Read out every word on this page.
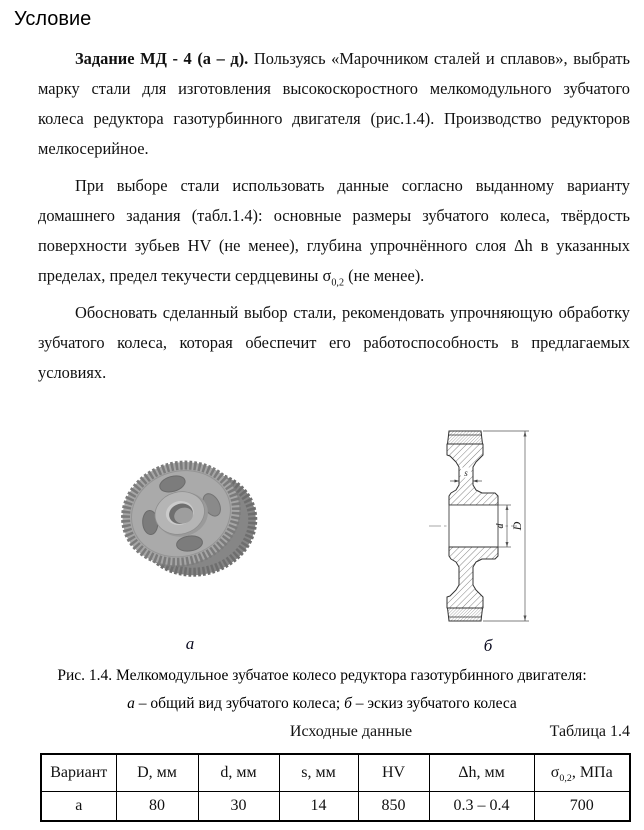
Условие

Задание МД - 4 (а – д). Пользуясь «Марочником сталей и сплавов», выбрать марку стали для изготовления высокоскоростного мелкомодульного зубчатого колеса редуктора газотурбинного двигателя (рис.1.4). Производство редукторов мелкосерийное.

При выборе стали использовать данные согласно выданному варианту домашнего задания (табл.1.4): основные размеры зубчатого колеса, твёрдость поверхности зубьев HV (не менее), глубина упрочнённого слоя Δh в указанных пределах, предел текучести сердцевины $\sigma_{0,2}$ (не менее).

Обосновать сделанный выбор стали, рекомендовать упрочняющую обработку зубчатого колеса, которая обеспечит его работоспособность в предлагаемых условиях.

s
d D
а	б
Рис. 1.4. Мелкомодульное зубчатое колесо редуктора газотурбинного двигателя:
а – общий вид зубчатого колеса; б – эскиз зубчатого колеса
Исходные данные	Таблица 1.4
Вариант	D, мм	d, мм	s, мм	HV	Δh, мм	$\sigma_{0,2}$, МПа
а	80	30	14	850	0.3 – 0.4	700
